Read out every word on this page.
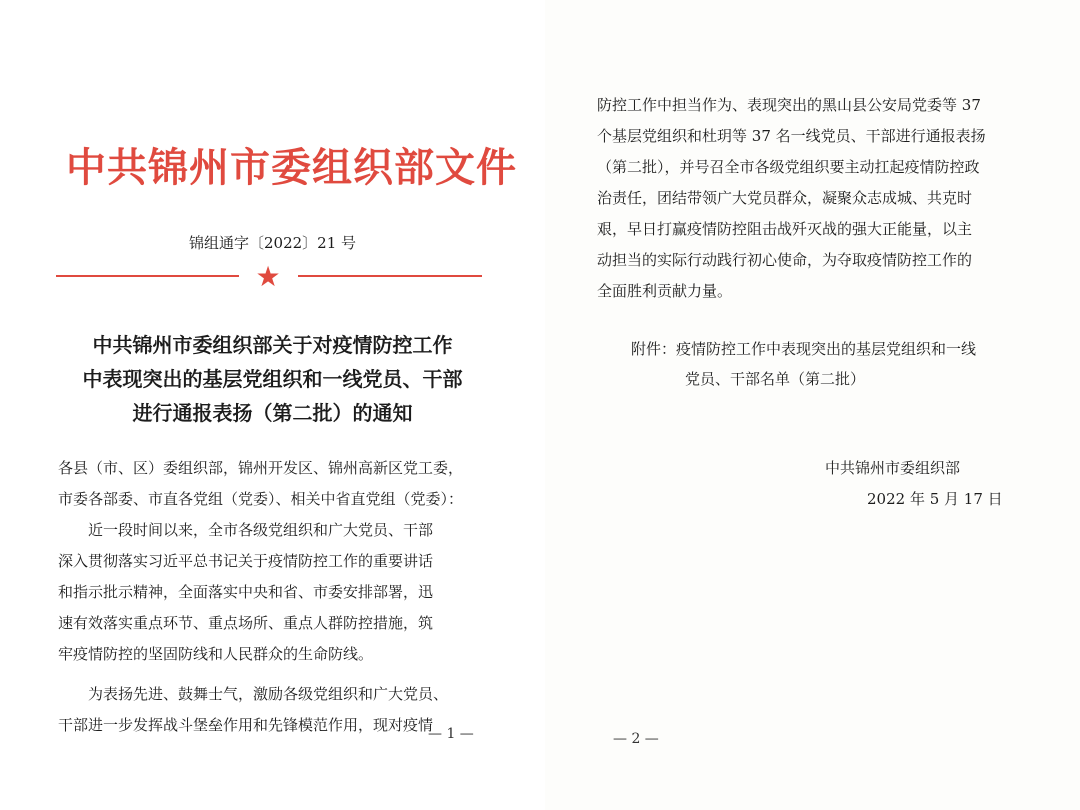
中共锦州市委组织部文件
锦组通字〔2022〕21 号
★
中共锦州市委组织部关于对疫情防控工作
中表现突出的基层党组织和一线党员、干部
进行通报表扬（第二批）的通知
各县（市、区）委组织部，锦州开发区、锦州高新区党工委，
市委各部委、市直各党组（党委）、相关中省直党组（党委）：
　　近一段时间以来，全市各级党组织和广大党员、干部
深入贯彻落实习近平总书记关于疫情防控工作的重要讲话
和指示批示精神，全面落实中央和省、市委安排部署，迅
速有效落实重点环节、重点场所、重点人群防控措施，筑
牢疫情防控的坚固防线和人民群众的生命防线。
　　为表扬先进、鼓舞士气，激励各级党组织和广大党员、
干部进一步发挥战斗堡垒作用和先锋模范作用，现对疫情
— 1 —
防控工作中担当作为、表现突出的黑山县公安局党委等 37
个基层党组织和杜玥等 37 名一线党员、干部进行通报表扬
（第二批），并号召全市各级党组织要主动扛起疫情防控政
治责任，团结带领广大党员群众，凝聚众志成城、共克时
艰，早日打赢疫情防控阻击战歼灭战的强大正能量，以主
动担当的实际行动践行初心使命，为夺取疫情防控工作的
全面胜利贡献力量。
附件：疫情防控工作中表现突出的基层党组织和一线
党员、干部名单（第二批）
中共锦州市委组织部
2022 年 5 月 17 日
— 2 —
